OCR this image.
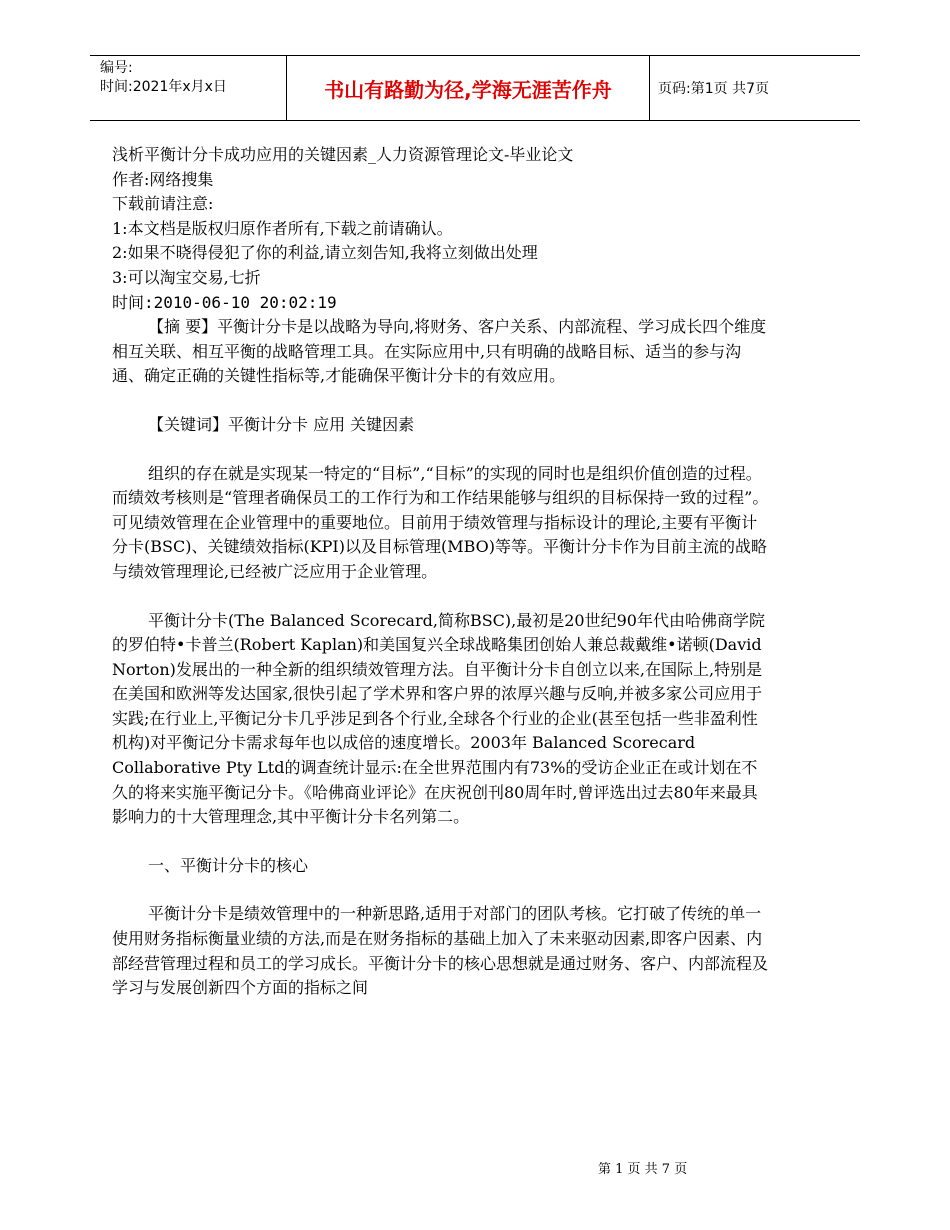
编号:
时间:2021年x月x日	书山有路勤为径,学海无涯苦作舟	页码:第1页 共7页

浅析平衡计分卡成功应用的关键因素_人力资源管理论文-毕业论文

作者:网络搜集

下载前请注意:

1:本文档是版权归原作者所有,下载之前请确认。

2:如果不晓得侵犯了你的利益,请立刻告知,我将立刻做出处理

3:可以淘宝交易,七折

时间:2010-06-10 20:02:19

【摘 要】平衡计分卡是以战略为导向,将财务、客户关系、内部流程、学习成长四个维度相互关联、相互平衡的战略管理工具。在实际应用中,只有明确的战略目标、适当的参与沟通、确定正确的关键性指标等,才能确保平衡计分卡的有效应用。

【关键词】平衡计分卡 应用 关键因素

组织的存在就是实现某一特定的“目标”,“目标”的实现的同时也是组织价值创造的过程。而绩效考核则是“管理者确保员工的工作行为和工作结果能够与组织的目标保持一致的过程”。可见绩效管理在企业管理中的重要地位。目前用于绩效管理与指标设计的理论,主要有平衡计分卡(BSC)、关键绩效指标(KPI)以及目标管理(MBO)等等。平衡计分卡作为目前主流的战略与绩效管理理论,已经被广泛应用于企业管理。

平衡计分卡(The Balanced Scorecard,简称BSC),最初是20世纪90年代由哈佛商学院的罗伯特•卡普兰(Robert Kaplan)和美国复兴全球战略集团创始人兼总裁戴维•诺顿(David Norton)发展出的一种全新的组织绩效管理方法。自平衡计分卡自创立以来,在国际上,特别是在美国和欧洲等发达国家,很快引起了学术界和客户界的浓厚兴趣与反响,并被多家公司应用于实践;在行业上,平衡记分卡几乎涉足到各个行业,全球各个行业的企业(甚至包括一些非盈利性机构)对平衡记分卡需求每年也以成倍的速度增长。2003年 Balanced Scorecard Collaborative Pty Ltd的调查统计显示:在全世界范围内有73%的受访企业正在或计划在不久的将来实施平衡记分卡。《哈佛商业评论》在庆祝创刊80周年时,曾评选出过去80年来最具影响力的十大管理理念,其中平衡计分卡名列第二。

一、平衡计分卡的核心

平衡计分卡是绩效管理中的一种新思路,适用于对部门的团队考核。它打破了传统的单一使用财务指标衡量业绩的方法,而是在财务指标的基础上加入了未来驱动因素,即客户因素、内部经营管理过程和员工的学习成长。平衡计分卡的核心思想就是通过财务、客户、内部流程及学习与发展创新四个方面的指标之间

第 1 页 共 7 页
